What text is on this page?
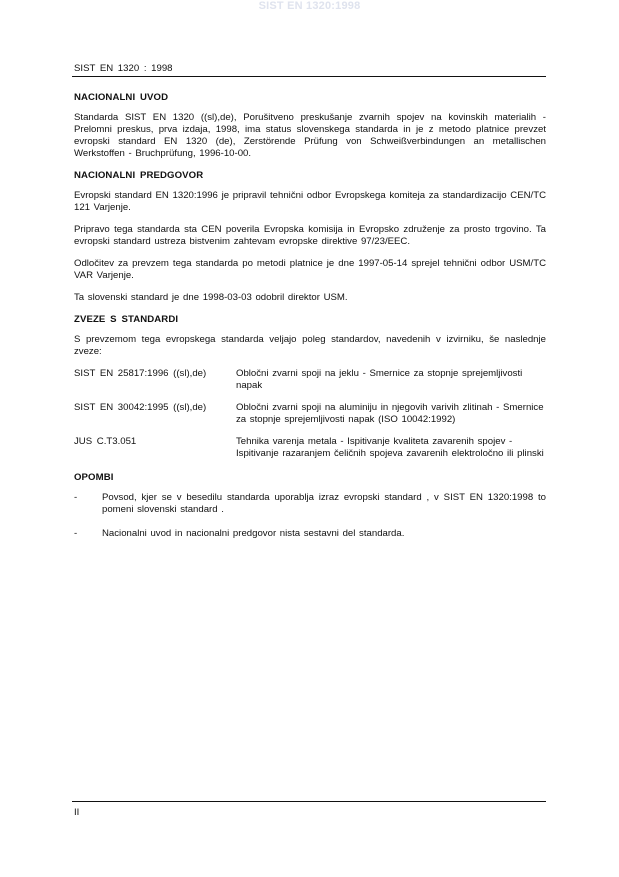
SIST EN 1320:1998
SIST EN 1320 : 1998
NACIONALNI UVOD

Standarda SIST EN 1320 ((sl),de), Porušitveno preskušanje zvarnih spojev na kovinskih materialih - Prelomni preskus, prva izdaja, 1998, ima status slovenskega standarda in je z metodo platnice prevzet evropski standard EN 1320 (de), Zerstörende Prüfung von Schweißverbindungen an metallischen Werkstoffen - Bruchprüfung, 1996-10-00.

NACIONALNI PREDGOVOR

Evropski standard EN 1320:1996 je pripravil tehnični odbor Evropskega komiteja za standardizacijo CEN/TC 121 Varjenje.

Pripravo tega standarda sta CEN poverila Evropska komisija in Evropsko združenje za prosto trgovino. Ta evropski standard ustreza bistvenim zahtevam evropske direktive 97/23/EEC.

Odločitev za prevzem tega standarda po metodi platnice je dne 1997-05-14 sprejel tehnični odbor USM/TC VAR Varjenje.

Ta slovenski standard je dne 1998-03-03 odobril direktor USM.

ZVEZE S STANDARDI

S prevzemom tega evropskega standarda veljajo poleg standardov, navedenih v izvirniku, še naslednje zveze:

SIST EN 25817:1996 ((sl),de)	Obločni zvarni spoji na jeklu - Smernice za stopnje sprejemljivosti napak
SIST EN 30042:1995 ((sl),de)	Obločni zvarni spoji na aluminiju in njegovih varivih zlitinah - Smernice za stopnje sprejemljivosti napak (ISO 10042:1992)
JUS C.T3.051	Tehnika varenja metala - Ispitivanje kvaliteta zavarenih spojev - Ispitivanje razaranjem čeličnih spojeva zavarenih elektroločno ili plinski
OPOMBI
-	Povsod, kjer se v besedilu standarda uporablja izraz evropski standard , v SIST EN 1320:1998 to pomeni slovenski standard .
-	Nacionalni uvod in nacionalni predgovor nista sestavni del standarda.
II
